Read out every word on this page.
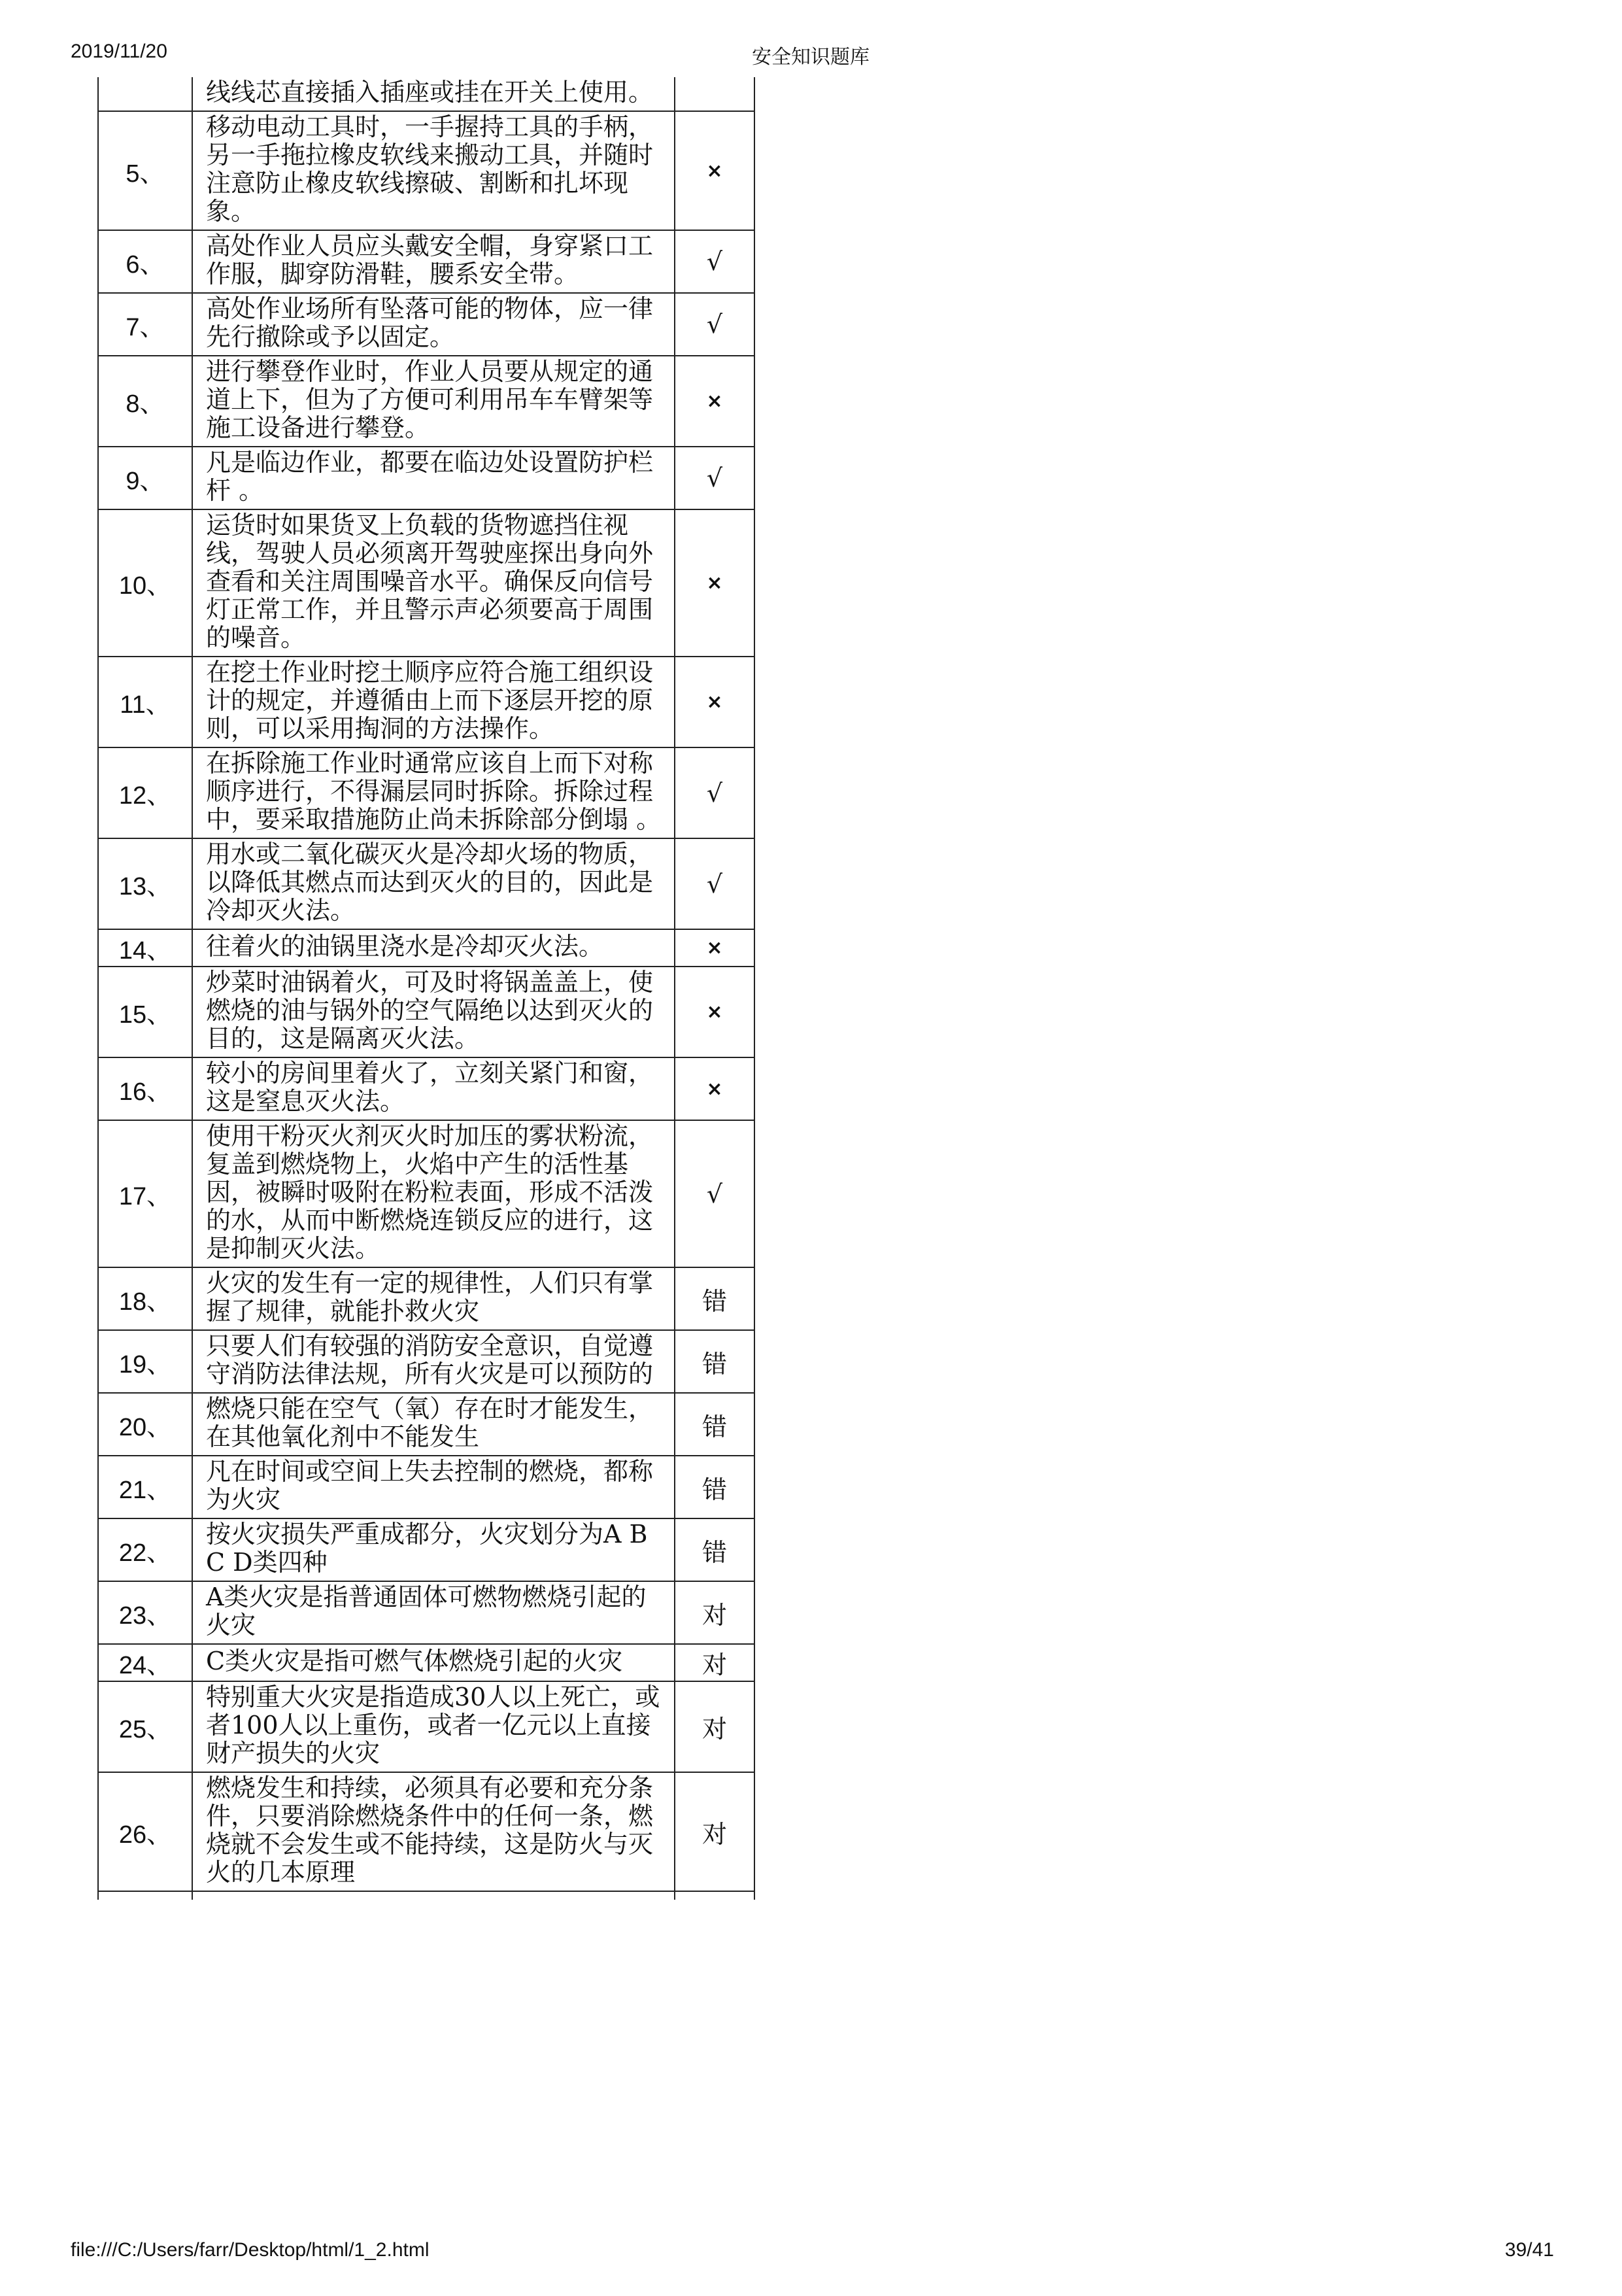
2019/11/20	安全知识题库
	线线芯直接插入插座或挂在开关上使用。	
5、	移动电动工具时，一手握持工具的手柄，另一手拖拉橡皮软线来搬动工具，并随时注意防止橡皮软线擦破、割断和扎坏现象。	×
6、	高处作业人员应头戴安全帽，身穿紧口工作服，脚穿防滑鞋，腰系安全带。	√
7、	高处作业场所有坠落可能的物体，应一律先行撤除或予以固定。	√
8、	进行攀登作业时，作业人员要从规定的通道上下，但为了方便可利用吊车车臂架等施工设备进行攀登。	×
9、	凡是临边作业，都要在临边处设置防护栏杆 。	√
10、	运货时如果货叉上负载的货物遮挡住视线，驾驶人员必须离开驾驶座探出身向外查看和关注周围噪音水平。确保反向信号灯正常工作，并且警示声必须要高于周围的噪音。	×
11、	在挖土作业时挖土顺序应符合施工组织设计的规定，并遵循由上而下逐层开挖的原则，可以采用掏洞的方法操作。	×
12、	在拆除施工作业时通常应该自上而下对称顺序进行，不得漏层同时拆除。拆除过程中，要采取措施防止尚未拆除部分倒塌 。	√
13、	用水或二氧化碳灭火是冷却火场的物质，以降低其燃点而达到灭火的目的，因此是冷却灭火法。	√
14、	往着火的油锅里浇水是冷却灭火法。	×
15、	炒菜时油锅着火，可及时将锅盖盖上，使燃烧的油与锅外的空气隔绝以达到灭火的目的，这是隔离灭火法。	×
16、	较小的房间里着火了，立刻关紧门和窗，这是窒息灭火法。	×
17、	使用干粉灭火剂灭火时加压的雾状粉流，复盖到燃烧物上，火焰中产生的活性基因，被瞬时吸附在粉粒表面，形成不活泼的水，从而中断燃烧连锁反应的进行，这是抑制灭火法。	√
18、	火灾的发生有一定的规律性，人们只有掌握了规律，就能扑救火灾	错
19、	只要人们有较强的消防安全意识，自觉遵守消防法律法规，所有火灾是可以预防的	错
20、	燃烧只能在空气（氧）存在时才能发生，在其他氧化剂中不能发生	错
21、	凡在时间或空间上失去控制的燃烧，都称为火灾	错
22、	按火灾损失严重成都分，火灾划分为A B C D类四种	错
23、	A类火灾是指普通固体可燃物燃烧引起的火灾	对
24、	C类火灾是指可燃气体燃烧引起的火灾	对
25、	特别重大火灾是指造成30人以上死亡，或者100人以上重伤，或者一亿元以上直接财产损失的火灾	对
26、	燃烧发生和持续，必须具有必要和充分条件，只要消除燃烧条件中的任何一条，燃烧就不会发生或不能持续，这是防火与灭火的几本原理	对

file:///C:/Users/farr/Desktop/html/1_2.html	39/41
